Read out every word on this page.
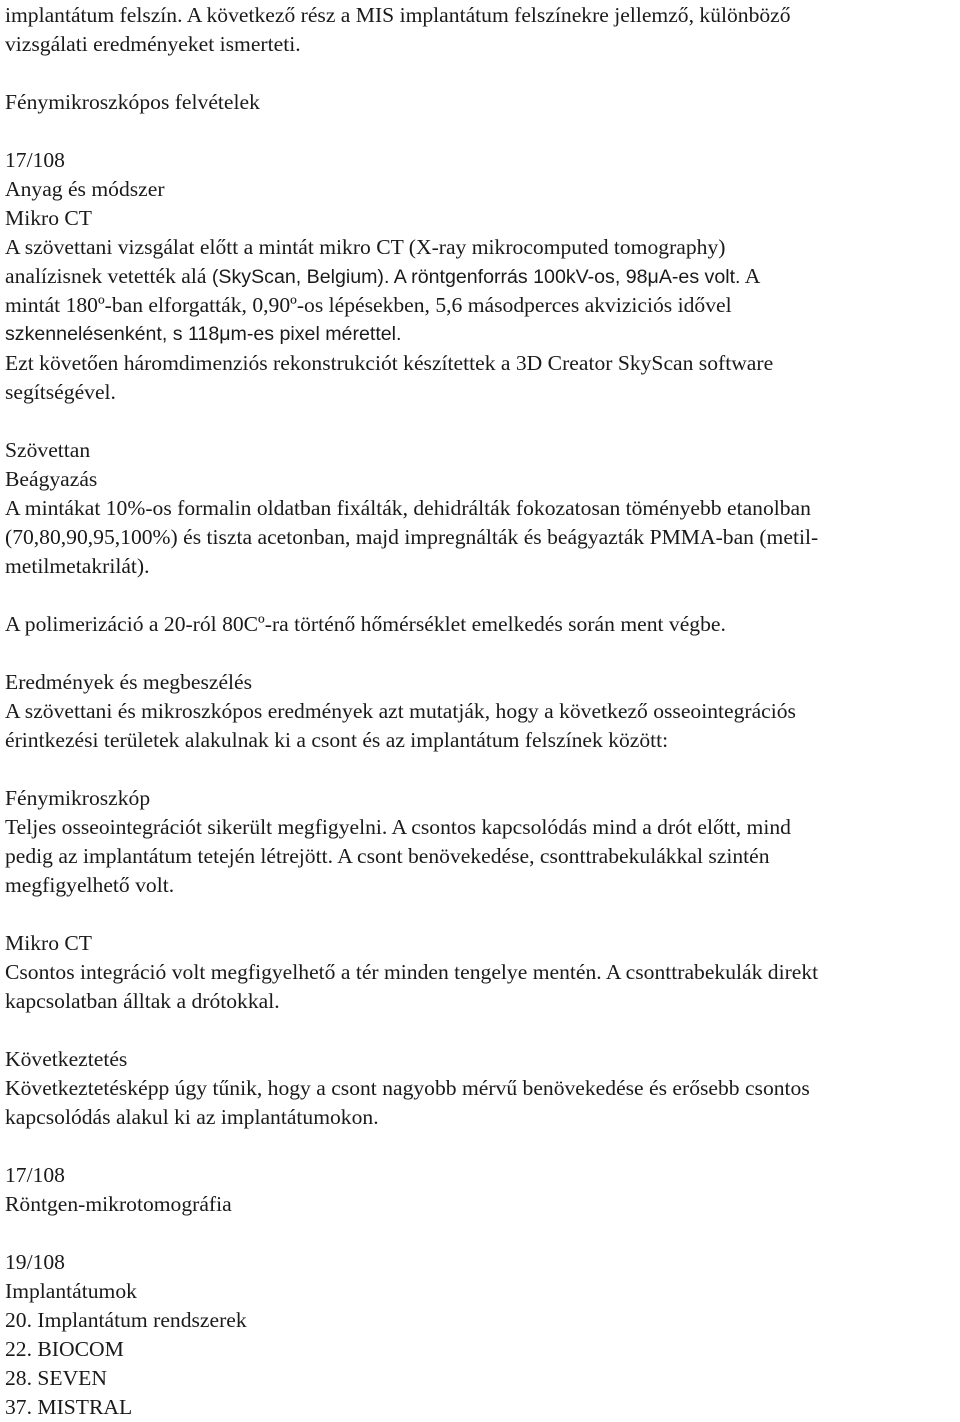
implantátum felszín. A következő rész a MIS implantátum felszínekre jellemző, különböző
vizsgálati eredményeket ismerteti.
Fénymikroszkópos felvételek
17/108
Anyag és módszer
Mikro CT
A szövettani vizsgálat előtt a mintát mikro CT (X-ray mikrocomputed tomography)
analízisnek vetették alá (SkyScan, Belgium). A röntgenforrás 100kV-os, 98μA-es volt. A
mintát 180º-ban elforgatták, 0,90º-os lépésekben, 5,6 másodperces akviziciós idővel
szkennelésenként, s 118μm-es pixel mérettel.
Ezt követően háromdimenziós rekonstrukciót készítettek a 3D Creator SkyScan software
segítségével.
Szövettan
Beágyazás
A mintákat 10%-os formalin oldatban fixálták, dehidrálták fokozatosan töményebb etanolban
(70,80,90,95,100%) és tiszta acetonban, majd impregnálták és beágyazták PMMA-ban (metil-
metilmetakrilát).
A polimerizáció a 20-ról 80Cº-ra történő hőmérséklet emelkedés során ment végbe.
Eredmények és megbeszélés
A szövettani és mikroszkópos eredmények azt mutatják, hogy a következő osseointegrációs
érintkezési területek alakulnak ki a csont és az implantátum felszínek között:
Fénymikroszkóp
Teljes osseointegrációt sikerült megfigyelni. A csontos kapcsolódás mind a drót előtt, mind
pedig az implantátum tetején létrejött. A csont benövekedése, csonttrabekulákkal szintén
megfigyelhető volt.
Mikro CT
Csontos integráció volt megfigyelhető a tér minden tengelye mentén. A csonttrabekulák direkt
kapcsolatban álltak a drótokkal.
Következtetés
Következtetésképp úgy tűnik, hogy a csont nagyobb mérvű benövekedése és erősebb csontos
kapcsolódás alakul ki az implantátumokon.
17/108
Röntgen-mikrotomográfia
19/108
Implantátumok
20. Implantátum rendszerek
22. BIOCOM
28. SEVEN
37. MISTRAL
